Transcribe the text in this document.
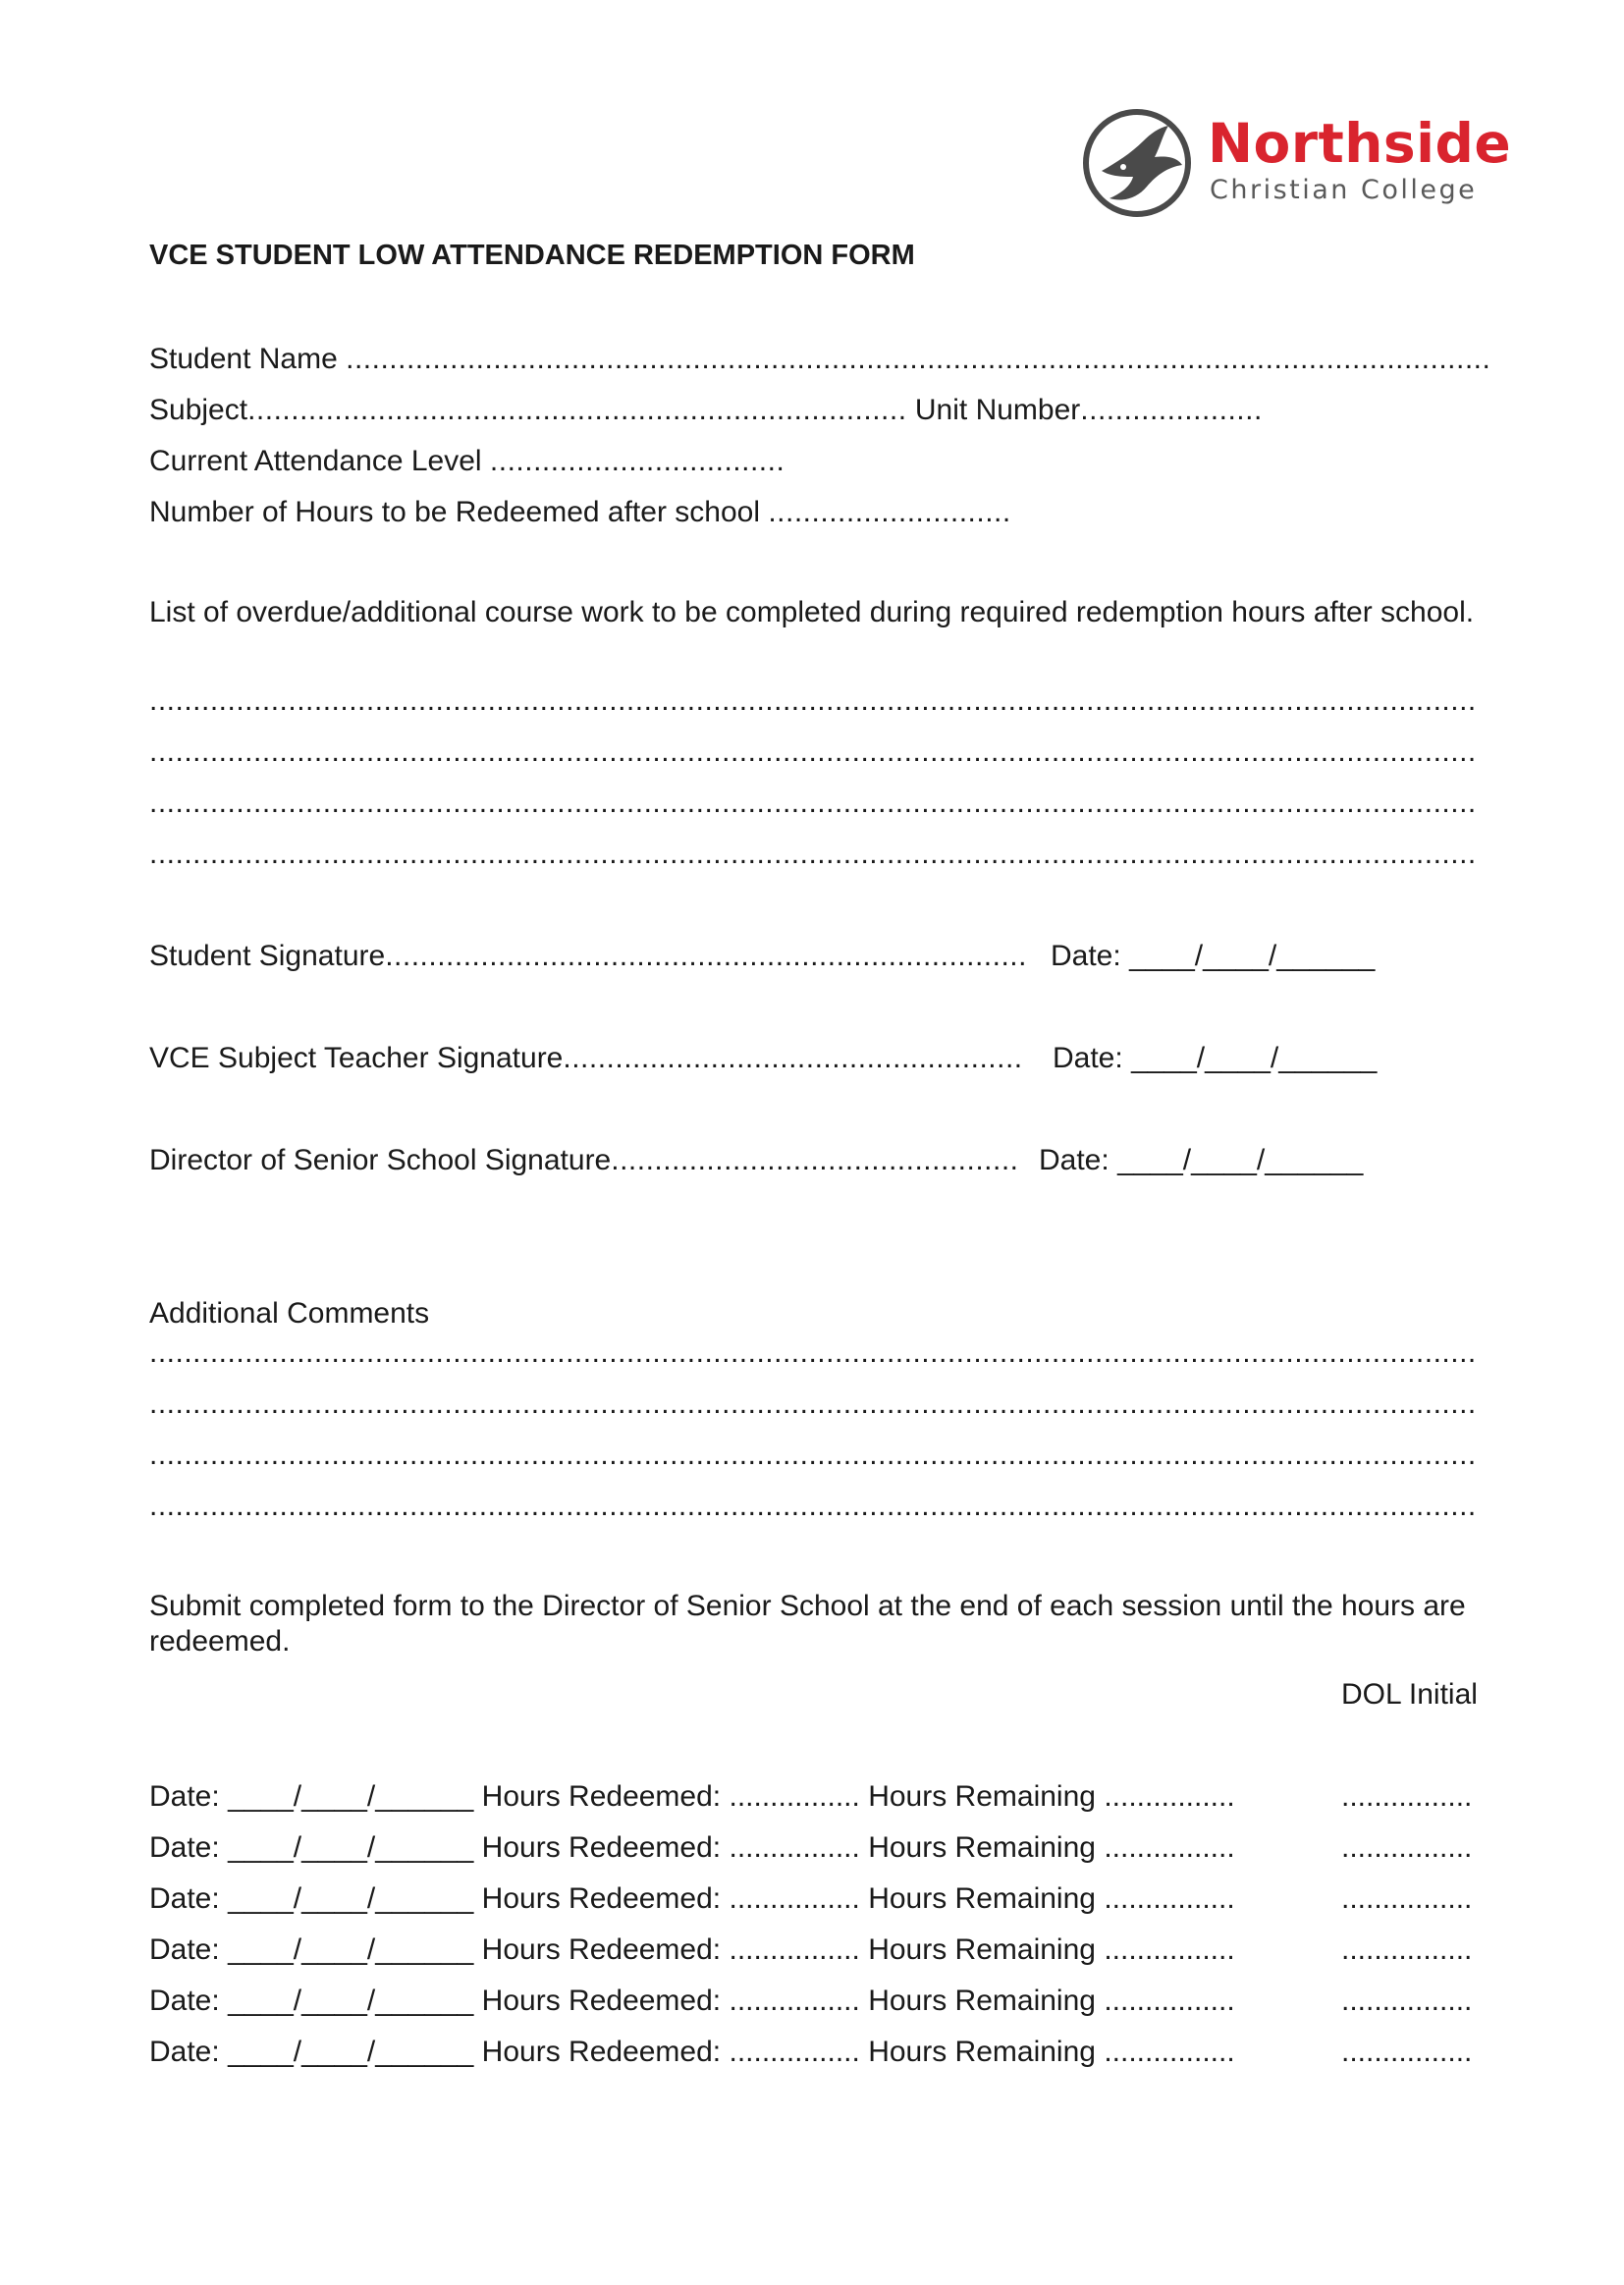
Northside
Christian College
VCE STUDENT LOW ATTENDANCE REDEMPTION FORM
Student Name ....................................................................................................................................
Subject............................................................................ Unit Number.....................
Current Attendance Level ..................................
Number of Hours to be Redeemed after school ............................
List of overdue/additional course work to be completed during required redemption hours after school.
.........................................................................................................................................................
.........................................................................................................................................................
.........................................................................................................................................................
.........................................................................................................................................................
Student Signature.......................................................................... Date: ____/____/______
VCE Subject Teacher Signature..................................................... Date: ____/____/______
Director of Senior School Signature............................................... Date: ____/____/______
Additional Comments
.........................................................................................................................................................
.........................................................................................................................................................
.........................................................................................................................................................
.........................................................................................................................................................
Submit completed form to the Director of Senior School at the end of each session until the hours are redeemed.
DOL Initial
Date: ____/____/______ Hours Redeemed: ................ Hours Remaining ................	................
Date: ____/____/______ Hours Redeemed: ................ Hours Remaining ................	................
Date: ____/____/______ Hours Redeemed: ................ Hours Remaining ................	................
Date: ____/____/______ Hours Redeemed: ................ Hours Remaining ................	................
Date: ____/____/______ Hours Redeemed: ................ Hours Remaining ................	................
Date: ____/____/______ Hours Redeemed: ................ Hours Remaining ................	................
